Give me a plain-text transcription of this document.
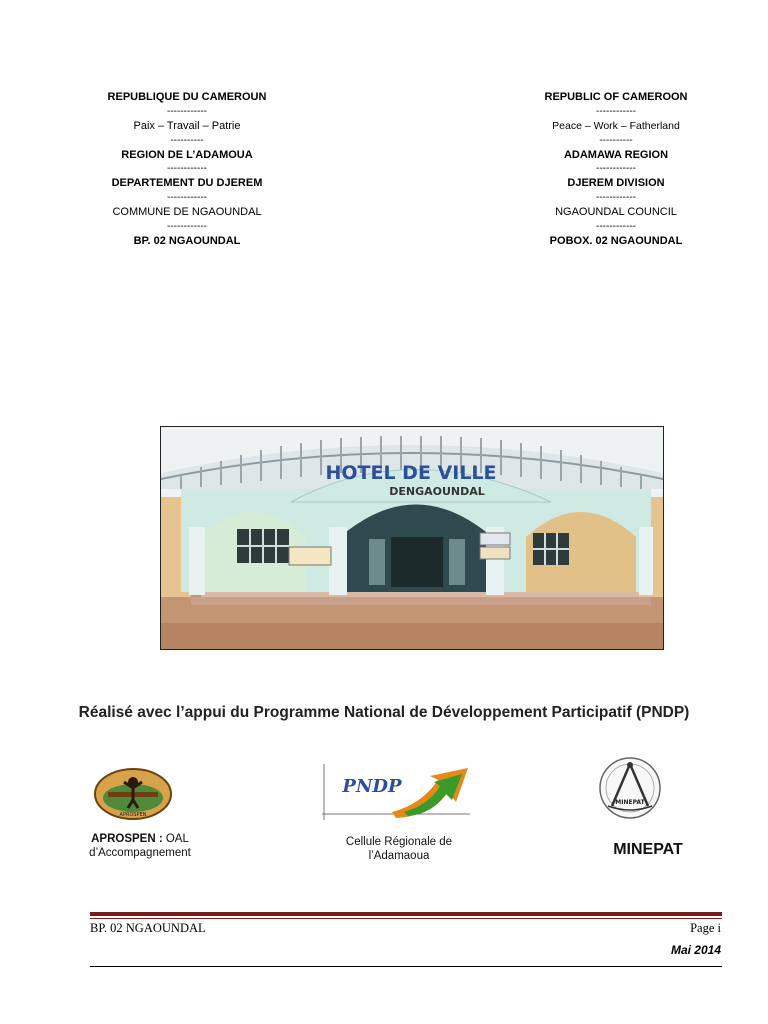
REPUBLIQUE DU CAMEROUN
------------
Paix – Travail – Patrie
----------
REGION DE L’ADAMOUA
------------
DEPARTEMENT DU DJEREM
------------
COMMUNE DE NGAOUNDAL
------------
BP. 02 NGAOUNDAL
REPUBLIC OF CAMEROON
------------
Peace – Work – Fatherland
----------
ADAMAWA REGION
------------
DJEREM DIVISION
------------
NGAOUNDAL COUNCIL
------------
POBOX. 02 NGAOUNDAL
HOTEL DE VILLE
DENGAOUNDAL
Réalisé avec l’appui du Programme National de Développement Participatif (PNDP)
APROSPEN
APROSPEN : OAL
d’Accompagnement
PNDP
Cellule Régionale de
l’Adamaoua
MINEPAT
MINEPAT
BP. 02 NGAOUNDAL	Page i
Mai 2014
